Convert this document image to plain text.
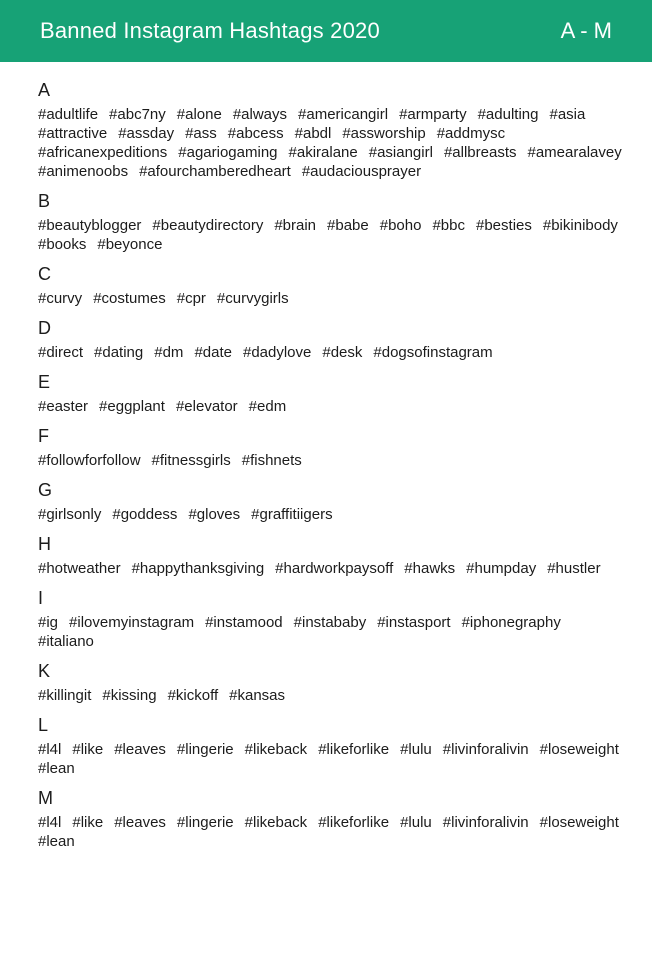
Banned Instagram Hashtags 2020	A - M
A
#adultlife #abc7ny #alone #always #americangirl #armparty #adulting #asia#attractive #assday #ass #abcess #abdl #assworship #addmysc#africanexpeditions #agariogaming #akiralane #asiangirl #allbreasts #amearalavey#animenoobs #afourchamberedheart #audaciousprayer
B
#beautyblogger #beautydirectory #brain #babe #boho #bbc #besties #bikinibody#books #beyonce
C
#curvy #costumes #cpr #curvygirls
D
#direct #dating #dm #date #dadylove #desk #dogsofinstagram
E
#easter #eggplant #elevator #edm
F
#followforfollow #fitnessgirls #fishnets
G
#girlsonly #goddess #gloves #graffitiigers
H
#hotweather #happythanksgiving #hardworkpaysoff #hawks #humpday #hustler
I
#ig #ilovemyinstagram #instamood #instababy #instasport #iphonegraphy#italiano
K
#killingit #kissing #kickoff #kansas
L
#l4l #like #leaves #lingerie #likeback #likeforlike #lulu #livinforalivin #loseweight#lean
M
#l4l #like #leaves #lingerie #likeback #likeforlike #lulu #livinforalivin #loseweight#lean
